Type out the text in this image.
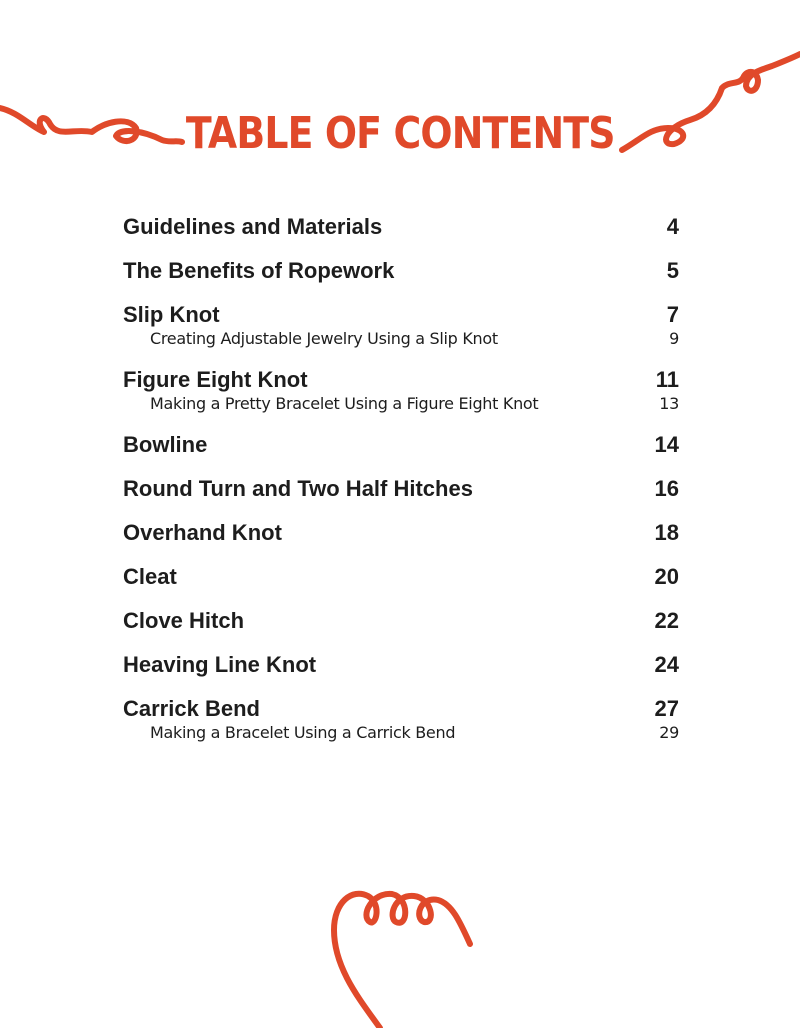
TABLE OF CONTENTS
Guidelines and Materials	4
The Benefits of Ropework	5
Slip Knot	7
Creating Adjustable Jewelry Using a Slip Knot	9
Figure Eight Knot	11
Making a Pretty Bracelet Using a Figure Eight Knot	13
Bowline	14
Round Turn and Two Half Hitches	16
Overhand Knot	18
Cleat	20
Clove Hitch	22
Heaving Line Knot	24
Carrick Bend	27
Making a Bracelet Using a Carrick Bend	29
